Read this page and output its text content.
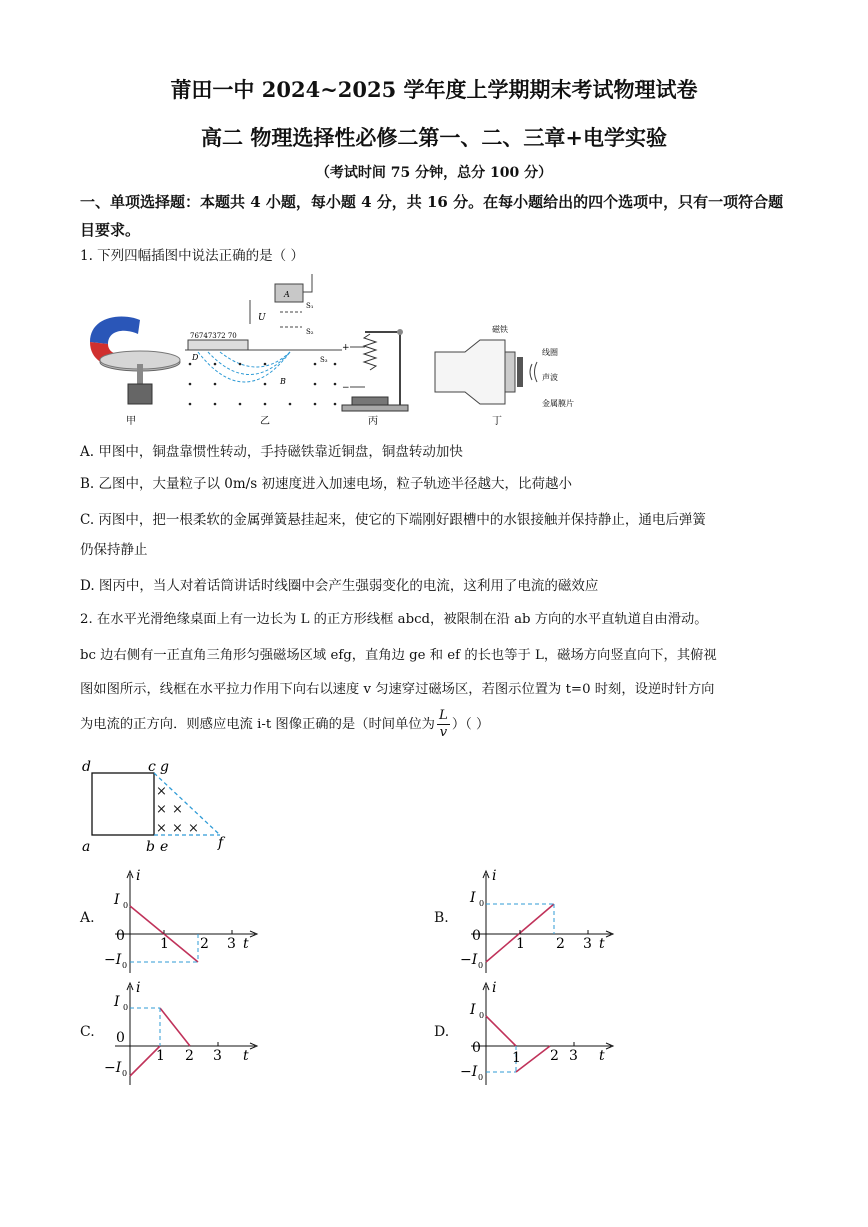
莆田一中 2024~2025 学年度上学期期末考试物理试卷
高二 物理选择性必修二第一、二、三章+电学实验
（考试时间 75 分钟，总分 100 分）
一、单项选择题：本题共 4 小题，每小题 4 分，共 16 分。在每小题给出的四个选项中，只有一项符合题目要求。
1. 下列四幅插图中说法正确的是（ ）
甲
A
U
S₁
S₂
76747372 70
S₃
D
B
乙
+
−
丙
磁铁
线圈
声波
金属膜片
丁
A. 甲图中，铜盘靠惯性转动，手持磁铁靠近铜盘，铜盘转动加快
B. 乙图中，大量粒子以 0m/s 初速度进入加速电场，粒子轨迹半径越大，比荷越小
C. 丙图中，把一根柔软的金属弹簧悬挂起来，使它的下端刚好跟槽中的水银接触并保持静止，通电后弹簧
仍保持静止
D. 图丙中，当人对着话筒讲话时线圈中会产生强弱变化的电流，这利用了电流的磁效应
2. 在水平光滑绝缘桌面上有一边长为 L 的正方形线框 abcd，被限制在沿 ab 方向的水平直轨道自由滑动。
bc 边右侧有一正直角三角形匀强磁场区域 efg，直角边 ge 和 ef 的长也等于 L，磁场方向竖直向下，其俯视
图如图所示，线框在水平拉力作用下向右以速度 v 匀速穿过磁场区，若图示位置为 t=0 时刻，设逆时针方向
为电流的正方向．则感应电流 i-t 图像正确的是（时间单位为 $\frac{L}{v}$ ）（ ）
×
× ×
× × ×
d	c g
a	b e	f
A.
i
I 0
0
−I 0
1 2 3 t
B.
i
I 0
0
−I 0
1 2 3 t
C.
i
I 0
0
−I 0
1 2 3 t
D.
i
I 0
0
−I 0
1 2 3 t
